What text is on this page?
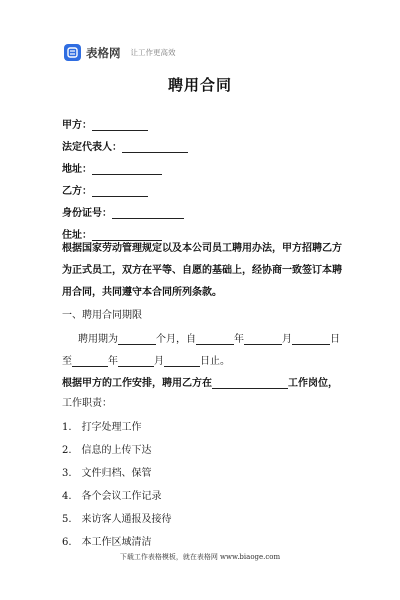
表格网 让工作更高效
聘用合同
甲方：
法定代表人：
地址：
乙方：
身份证号：
住址：
根据国家劳动管理规定以及本公司员工聘用办法，甲方招聘乙方为正式员工，双方在平等、自愿的基础上，经协商一致签订本聘用合同，共同遵守本合同所列条款。
一、聘用合同期限
聘用期为	个月，自	年	月	日
至	年	月	日止。
根据甲方的工作安排，聘用乙方在	工作岗位，
工作职责：
1.　打字处理工作
2.　信息的上传下达
3.　文件归档、保管
4.　各个会议工作记录
5.　来访客人通报及接待
6.　本工作区域清洁
下载工作表格模板，就在表格网 www.biaoge.com
